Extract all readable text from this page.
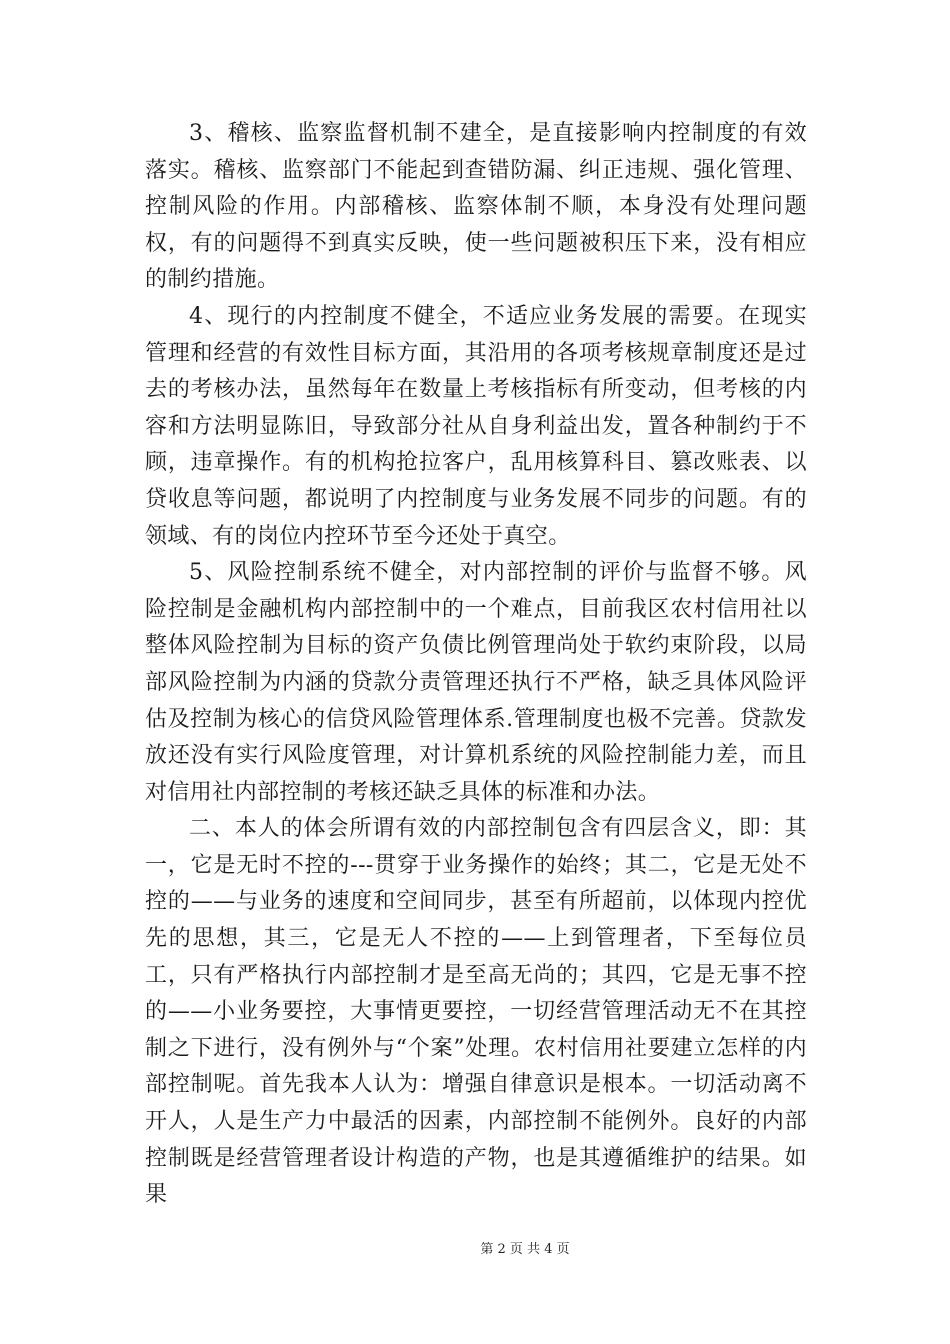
3、稽核、监察监督机制不建全，是直接影响内控制度的有效落实。稽核、监察部门不能起到查错防漏、纠正违规、强化管理、控制风险的作用。内部稽核、监察体制不顺，本身没有处理问题权，有的问题得不到真实反映，使一些问题被积压下来，没有相应的制约措施。

4、现行的内控制度不健全，不适应业务发展的需要。在现实管理和经营的有效性目标方面，其沿用的各项考核规章制度还是过去的考核办法，虽然每年在数量上考核指标有所变动，但考核的内容和方法明显陈旧，导致部分社从自身利益出发，置各种制约于不顾，违章操作。有的机构抢拉客户，乱用核算科目、篡改账表、以贷收息等问题，都说明了内控制度与业务发展不同步的问题。有的领域、有的岗位内控环节至今还处于真空。

5、风险控制系统不健全，对内部控制的评价与监督不够。风险控制是金融机构内部控制中的一个难点，目前我区农村信用社以整体风险控制为目标的资产负债比例管理尚处于软约束阶段，以局部风险控制为内涵的贷款分责管理还执行不严格，缺乏具体风险评估及控制为核心的信贷风险管理体系.管理制度也极不完善。贷款发放还没有实行风险度管理，对计算机系统的风险控制能力差，而且对信用社内部控制的考核还缺乏具体的标准和办法。

二、本人的体会所谓有效的内部控制包含有四层含义，即：其一，它是无时不控的---贯穿于业务操作的始终；其二，它是无处不控的——与业务的速度和空间同步，甚至有所超前，以体现内控优先的思想，其三，它是无人不控的——上到管理者，下至每位员工，只有严格执行内部控制才是至高无尚的；其四，它是无事不控的——小业务要控，大事情更要控，一切经营管理活动无不在其控制之下进行，没有例外与“个案”处理。农村信用社要建立怎样的内部控制呢。首先我本人认为：增强自律意识是根本。一切活动离不开人，人是生产力中最活的因素，内部控制不能例外。良好的内部控制既是经营管理者设计构造的产物，也是其遵循维护的结果。如果

第 2 页 共 4 页
